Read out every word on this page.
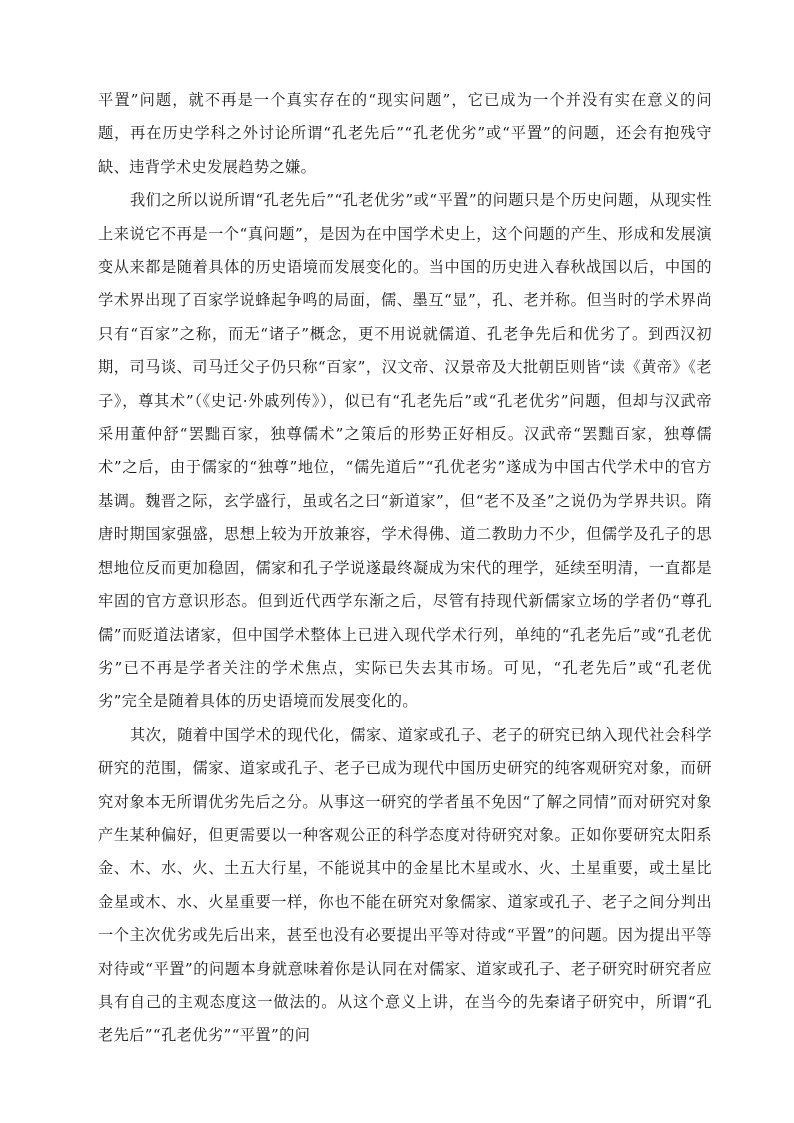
平置”问题，就不再是一个真实存在的“现实问题”，它已成为一个并没有实在意义的问题，再在历史学科之外讨论所谓“孔老先后”“孔老优劣”或“平置”的问题，还会有抱残守缺、违背学术史发展趋势之嫌。

我们之所以说所谓“孔老先后”“孔老优劣”或“平置”的问题只是个历史问题，从现实性上来说它不再是一个“真问题”，是因为在中国学术史上，这个问题的产生、形成和发展演变从来都是随着具体的历史语境而发展变化的。当中国的历史进入春秋战国以后，中国的学术界出现了百家学说蜂起争鸣的局面，儒、墨互“显”，孔、老并称。但当时的学术界尚只有“百家”之称，而无“诸子”概念，更不用说就儒道、孔老争先后和优劣了。到西汉初期，司马谈、司马迁父子仍只称“百家”，汉文帝、汉景帝及大批朝臣则皆“读《黄帝》《老子》，尊其术”（《史记·外戚列传》），似已有“孔老先后”或“孔老优劣”问题，但却与汉武帝采用董仲舒“罢黜百家，独尊儒术”之策后的形势正好相反。汉武帝“罢黜百家，独尊儒术”之后，由于儒家的“独尊”地位，“儒先道后”“孔优老劣”遂成为中国古代学术中的官方基调。魏晋之际，玄学盛行，虽或名之曰“新道家”，但“老不及圣”之说仍为学界共识。隋唐时期国家强盛，思想上较为开放兼容，学术得佛、道二教助力不少，但儒学及孔子的思想地位反而更加稳固，儒家和孔子学说遂最终凝成为宋代的理学，延续至明清，一直都是牢固的官方意识形态。但到近代西学东渐之后，尽管有持现代新儒家立场的学者仍“尊孔儒”而贬道法诸家，但中国学术整体上已进入现代学术行列，单纯的“孔老先后”或“孔老优劣”已不再是学者关注的学术焦点，实际已失去其市场。可见，“孔老先后”或“孔老优劣”完全是随着具体的历史语境而发展变化的。

其次，随着中国学术的现代化，儒家、道家或孔子、老子的研究已纳入现代社会科学研究的范围，儒家、道家或孔子、老子已成为现代中国历史研究的纯客观研究对象，而研究对象本无所谓优劣先后之分。从事这一研究的学者虽不免因“了解之同情”而对研究对象产生某种偏好，但更需要以一种客观公正的科学态度对待研究对象。正如你要研究太阳系金、木、水、火、土五大行星，不能说其中的金星比木星或水、火、土星重要，或土星比金星或木、水、火星重要一样，你也不能在研究对象儒家、道家或孔子、老子之间分判出一个主次优劣或先后出来，甚至也没有必要提出平等对待或“平置”的问题。因为提出平等对待或“平置”的问题本身就意味着你是认同在对儒家、道家或孔子、老子研究时研究者应具有自己的主观态度这一做法的。从这个意义上讲，在当今的先秦诸子研究中，所谓“孔老先后”“孔老优劣”“平置”的问
